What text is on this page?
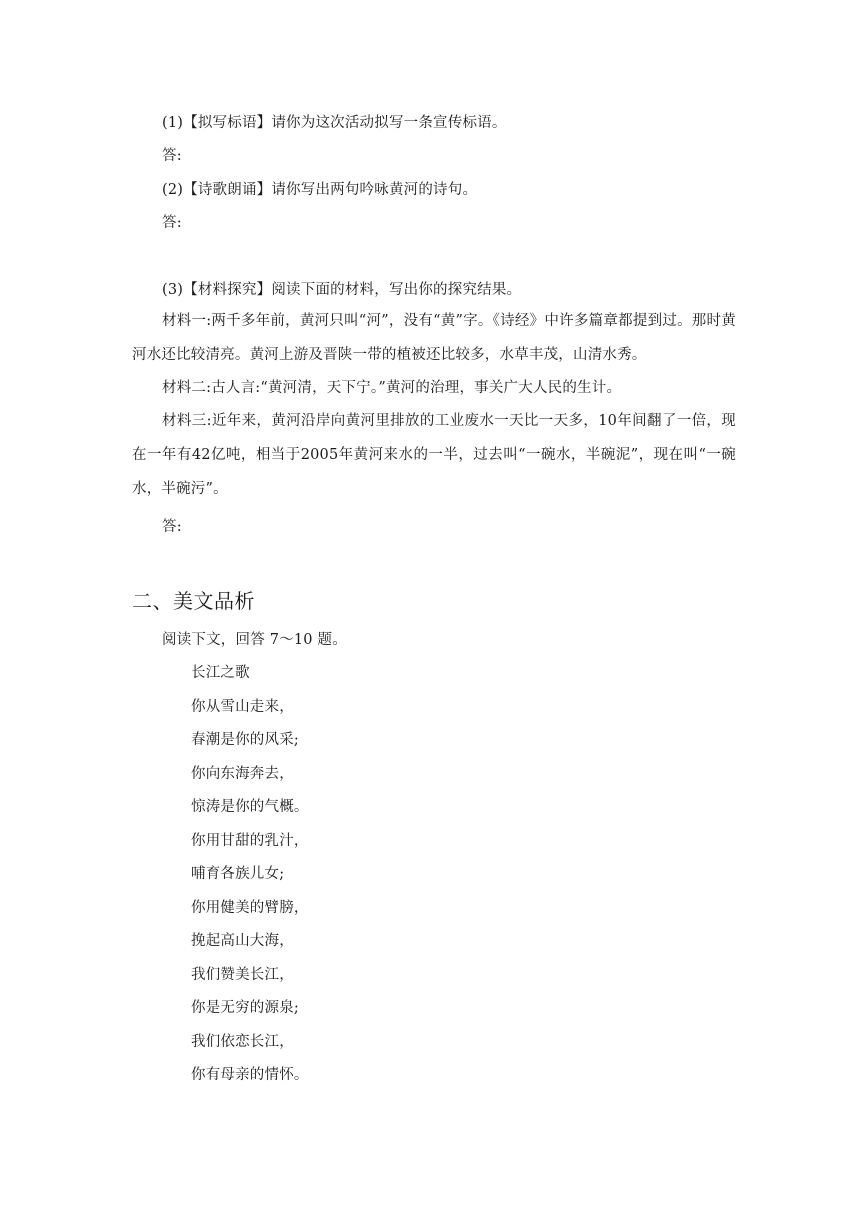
(1)【拟写标语】请你为这次活动拟写一条宣传标语。
答:
(2)【诗歌朗诵】请你写出两句吟咏黄河的诗句。
答:
(3)【材料探究】阅读下面的材料，写出你的探究结果。
材料一:两千多年前，黄河只叫“河”，没有“黄”字。《诗经》中许多篇章都提到过。那时黄河水还比较清亮。黄河上游及晋陕一带的植被还比较多，水草丰茂，山清水秀。
材料二:古人言:“黄河清，天下宁。”黄河的治理，事关广大人民的生计。
材料三:近年来，黄河沿岸向黄河里排放的工业废水一天比一天多，10年间翻了一倍，现在一年有42亿吨，相当于2005年黄河来水的一半，过去叫“一碗水，半碗泥”，现在叫“一碗水，半碗污”。
答:
二、美文品析
阅读下文，回答 7～10 题。
长江之歌
你从雪山走来，
春潮是你的风采;
你向东海奔去，
惊涛是你的气概。
你用甘甜的乳汁，
哺育各族儿女;
你用健美的臂膀，
挽起高山大海，
我们赞美长江，
你是无穷的源泉;
我们依恋长江，
你有母亲的情怀。
